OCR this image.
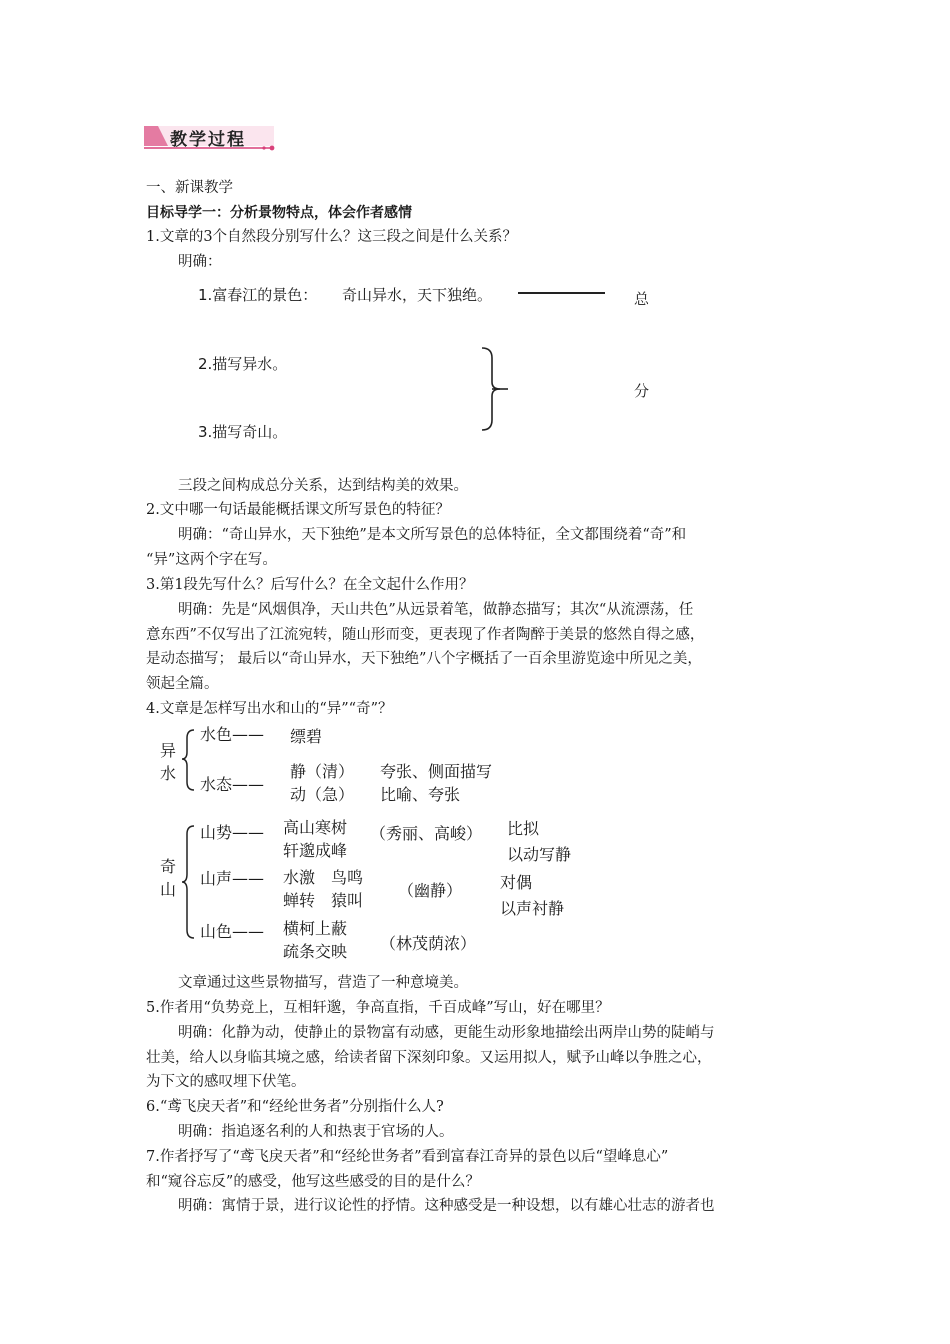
教学过程
一、新课教学
目标导学一：分析景物特点，体会作者感情
1.文章的3个自然段分别写什么？这三段之间是什么关系？
明确：
1.富春江的景色： 奇山异水，天下独绝。	总
2.描写异水。
3.描写奇山。
分
三段之间构成总分关系，达到结构美的效果。
2.文中哪一句话最能概括课文所写景色的特征？
明确：“奇山异水，天下独绝”是本文所写景色的总体特征，全文都围绕着“奇”和
“异”这两个字在写。
3.第1段先写什么？后写什么？在全文起什么作用？
明确：先是“风烟俱净，天山共色”从远景着笔，做静态描写；其次“从流漂荡，任
意东西”不仅写出了江流宛转，随山形而变，更表现了作者陶醉于美景的悠然自得之感，
是动态描写； 最后以“奇山异水，天下独绝”八个字概括了一百余里游览途中所见之美，
领起全篇。
4.文章是怎样写出水和山的“异”“奇”？
异
水
水色—— 缥碧
水态——
静（清） 夸张、侧面描写
动（急） 比喻、夸张
奇
山
山势—— 高山寒树
轩邈成峰
（秀丽、高峻） 比拟
以动写静
山声—— 水激　鸟鸣
蝉转　猿叫
（幽静） 对偶
以声衬静
山色—— 横柯上蔽
疏条交映 （林茂荫浓）
文章通过这些景物描写，营造了一种意境美。
5.作者用“负势竞上，互相轩邈，争高直指，千百成峰”写山，好在哪里？
明确：化静为动，使静止的景物富有动感，更能生动形象地描绘出两岸山势的陡峭与
壮美，给人以身临其境之感，给读者留下深刻印象。又运用拟人，赋予山峰以争胜之心，
为下文的感叹埋下伏笔。
6.“鸢飞戾天者”和“经纶世务者”分别指什么人?
明确：指追逐名利的人和热衷于官场的人。
7.作者抒写了“鸢飞戾天者”和“经纶世务者”看到富春江奇异的景色以后“望峰息心”
和“窥谷忘反”的感受，他写这些感受的目的是什么？
明确：寓情于景，进行议论性的抒情。这种感受是一种设想，以有雄心壮志的游者也
